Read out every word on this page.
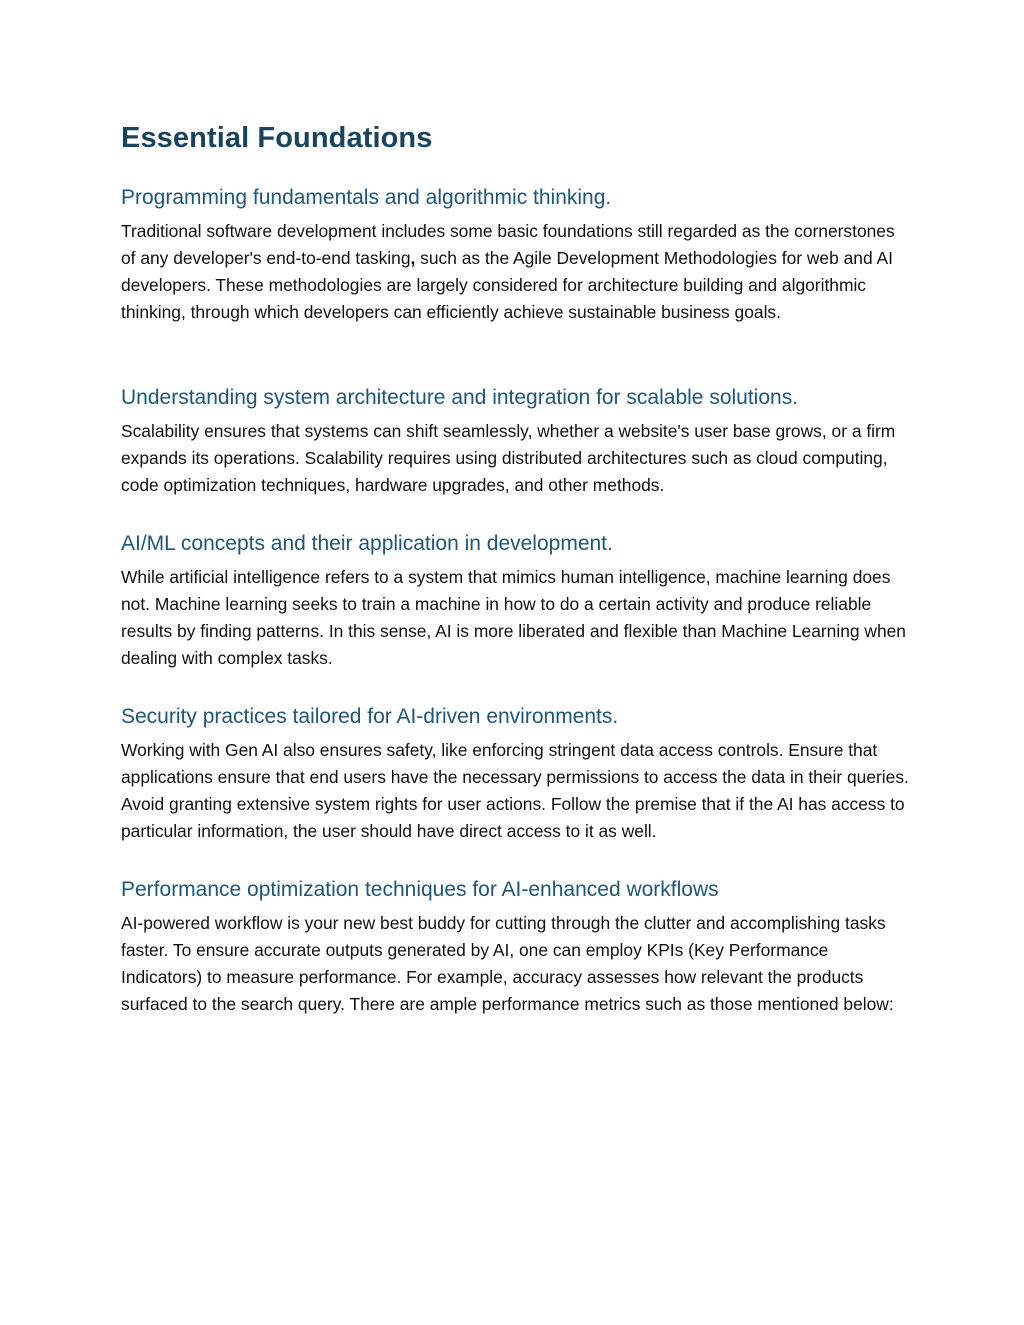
Essential Foundations
Programming fundamentals and algorithmic thinking.

Traditional software development includes some basic foundations still regarded as the cornerstones of any developer's end-to-end tasking, such as the Agile Development Methodologies for web and AI developers. These methodologies are largely considered for architecture building and algorithmic thinking, through which developers can efficiently achieve sustainable business goals.

Understanding system architecture and integration for scalable solutions.

Scalability ensures that systems can shift seamlessly, whether a website's user base grows, or a firm expands its operations. Scalability requires using distributed architectures such as cloud computing, code optimization techniques, hardware upgrades, and other methods.

AI/ML concepts and their application in development.

While artificial intelligence refers to a system that mimics human intelligence, machine learning does not. Machine learning seeks to train a machine in how to do a certain activity and produce reliable results by finding patterns. In this sense, AI is more liberated and flexible than Machine Learning when dealing with complex tasks.

Security practices tailored for AI-driven environments.

Working with Gen AI also ensures safety, like enforcing stringent data access controls. Ensure that applications ensure that end users have the necessary permissions to access the data in their queries. Avoid granting extensive system rights for user actions. Follow the premise that if the AI has access to particular information, the user should have direct access to it as well.

Performance optimization techniques for AI-enhanced workflows

AI-powered workflow is your new best buddy for cutting through the clutter and accomplishing tasks faster. To ensure accurate outputs generated by AI, one can employ KPIs (Key Performance Indicators) to measure performance. For example, accuracy assesses how relevant the products surfaced to the search query. There are ample performance metrics such as those mentioned below:
